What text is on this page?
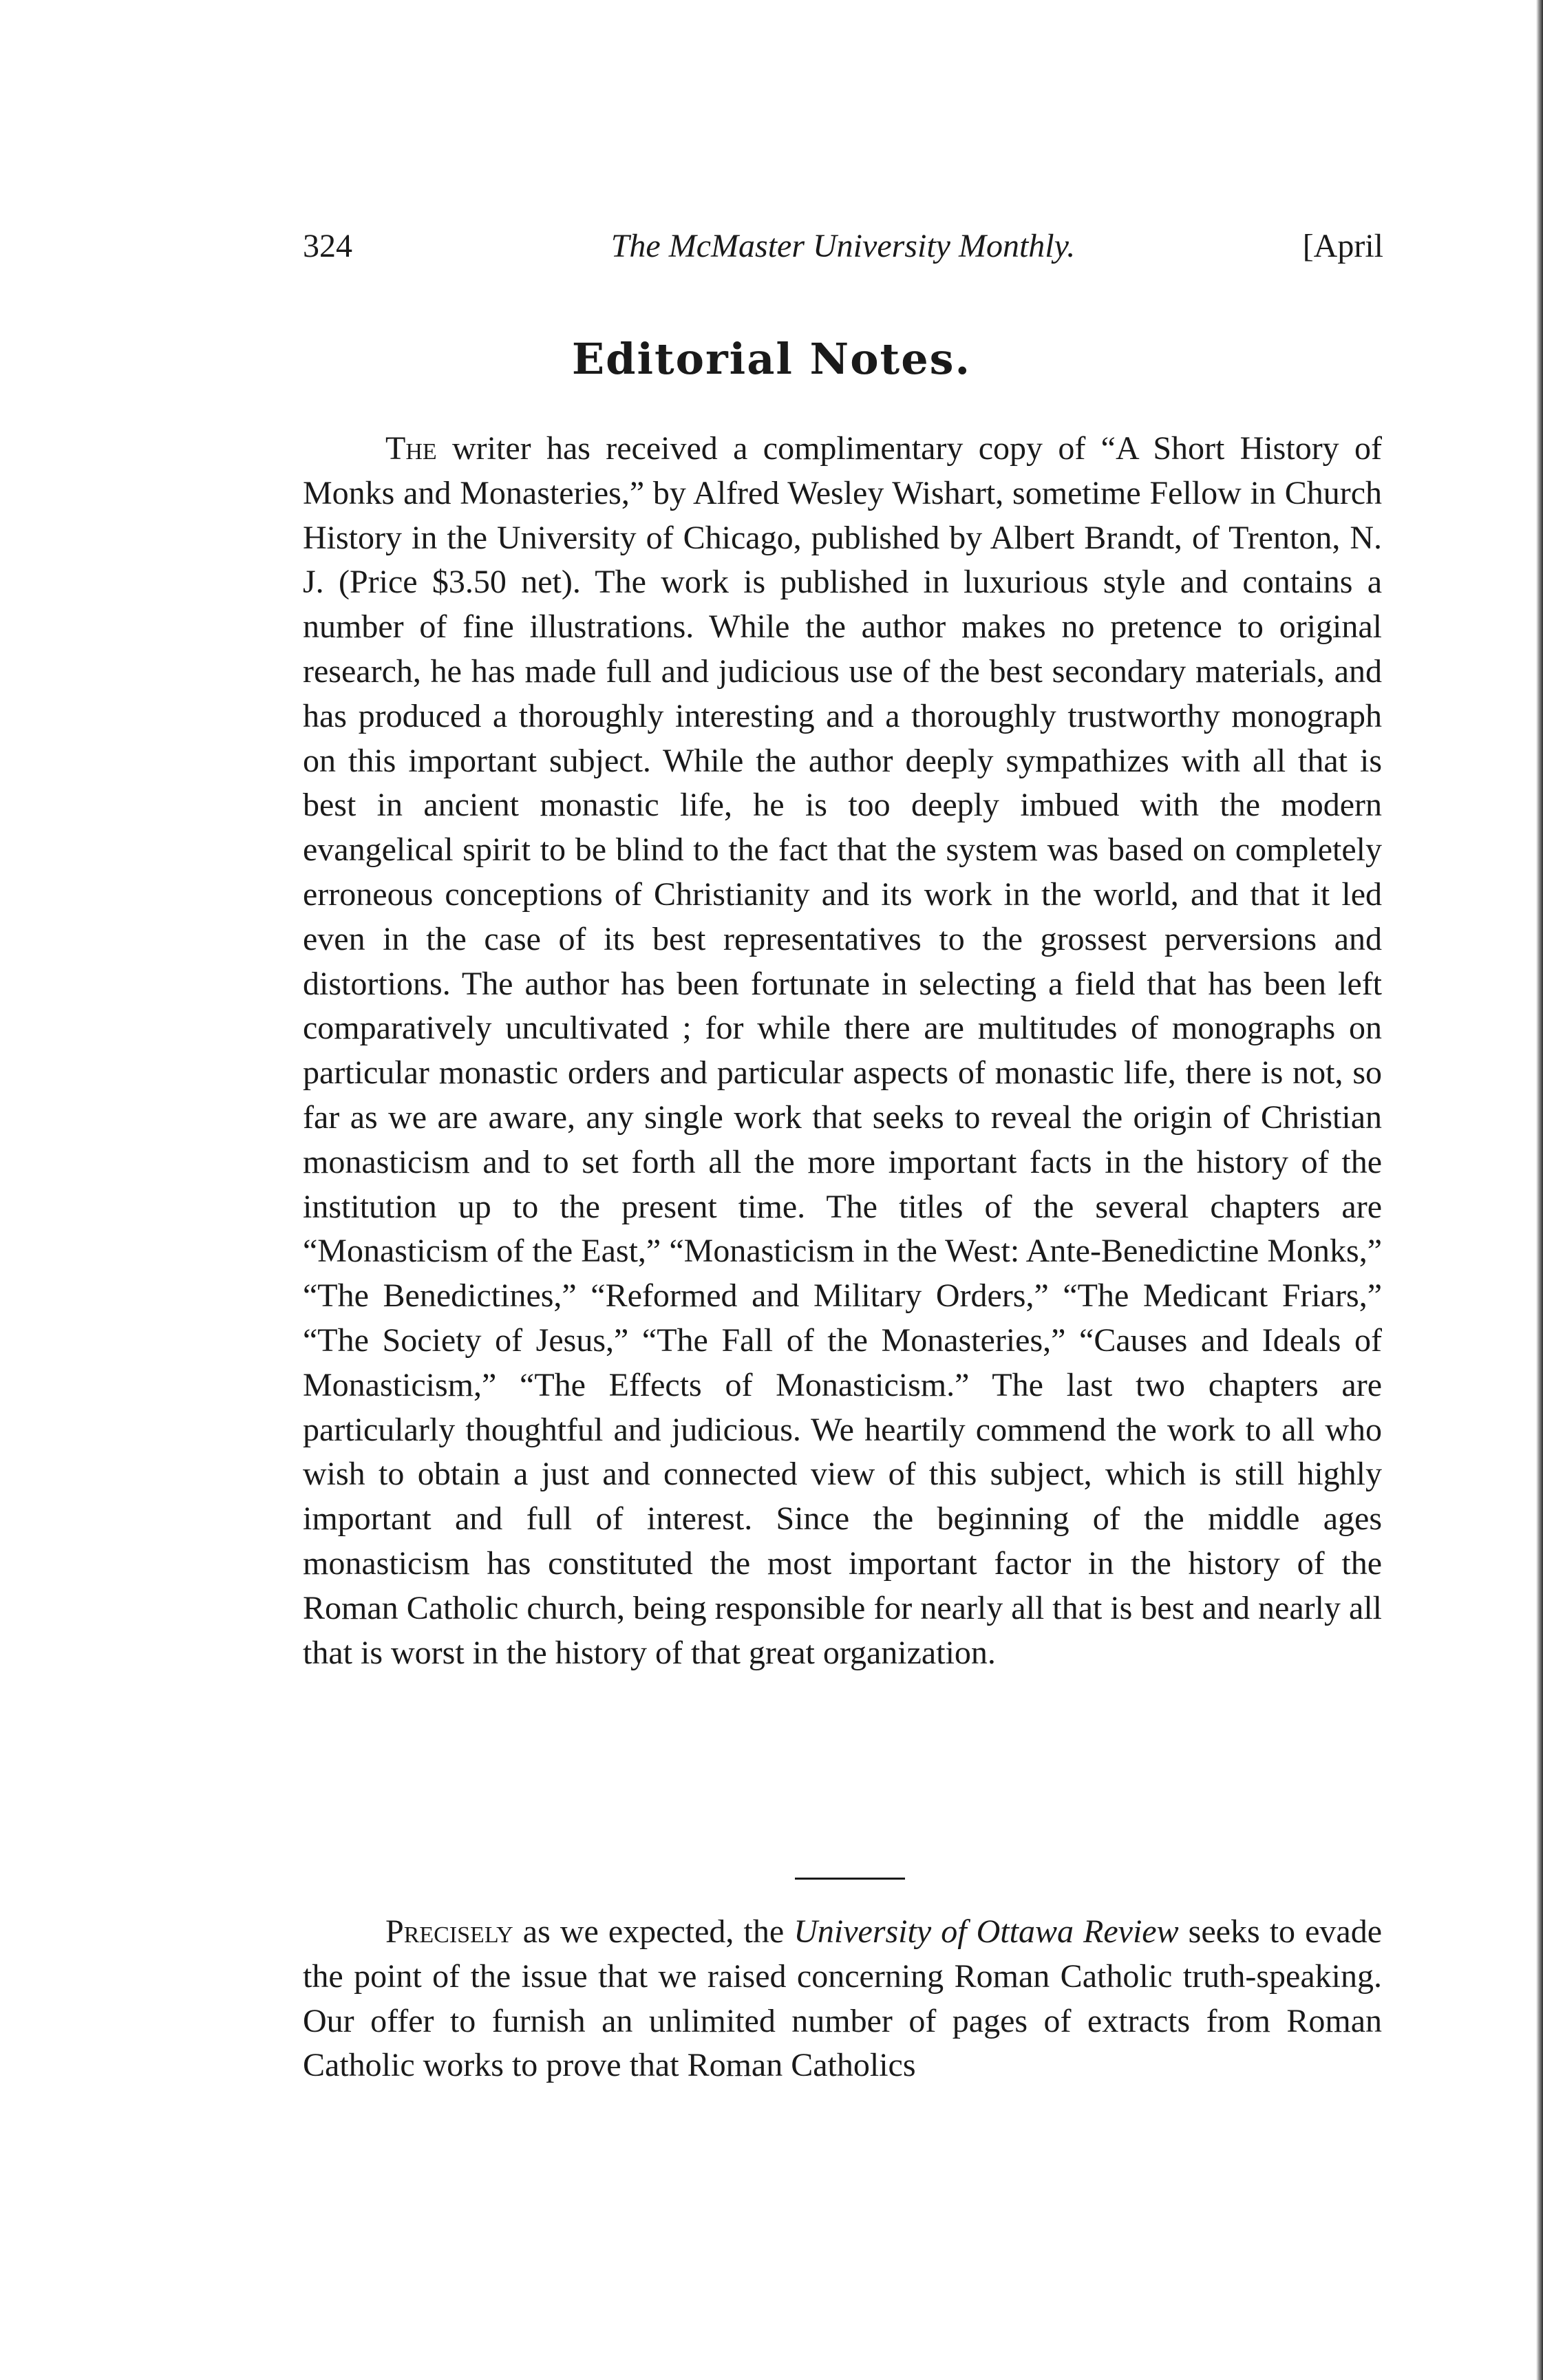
324	The McMaster University Monthly.	[April
Editorial Notes.

The writer has received a complimentary copy of “A Short History of Monks and Monasteries,” by Alfred Wesley Wishart, sometime Fellow in Church History in the University of Chicago, published by Albert Brandt, of Trenton, N. J. (Price $3.50 net). The work is published in luxurious style and contains a number of fine illustrations. While the author makes no pretence to original research, he has made full and judicious use of the best secondary materials, and has produced a thoroughly interesting and a thoroughly trustworthy monograph on this important subject. While the author deeply sympathizes with all that is best in ancient monastic life, he is too deeply imbued with the modern evangelical spirit to be blind to the fact that the system was based on completely erroneous conceptions of Christianity and its work in the world, and that it led even in the case of its best representatives to the grossest perversions and distortions. The author has been fortunate in selecting a field that has been left comparatively uncultivated ; for while there are multitudes of monographs on particular monastic orders and particular aspects of monastic life, there is not, so far as we are aware, any single work that seeks to reveal the origin of Christian monasticism and to set forth all the more important facts in the history of the institution up to the present time. The titles of the several chapters are “Monasticism of the East,” “Monasticism in the West: Ante-Benedictine Monks,” “The Benedictines,” “Reformed and Military Orders,” “The Medicant Friars,” “The Society of Jesus,” “The Fall of the Monasteries,” “Causes and Ideals of Monasticism,” “The Effects of Monasticism.” The last two chapters are particularly thoughtful and judicious. We heartily commend the work to all who wish to obtain a just and connected view of this subject, which is still highly important and full of interest. Since the beginning of the middle ages monasticism has constituted the most important factor in the history of the Roman Catholic church, being responsible for nearly all that is best and nearly all that is worst in the history of that great organization.

Precisely as we expected, the University of Ottawa Review seeks to evade the point of the issue that we raised concerning Roman Catholic truth-speaking. Our offer to furnish an unlimited number of pages of extracts from Roman Catholic works to prove that Roman Catholics
